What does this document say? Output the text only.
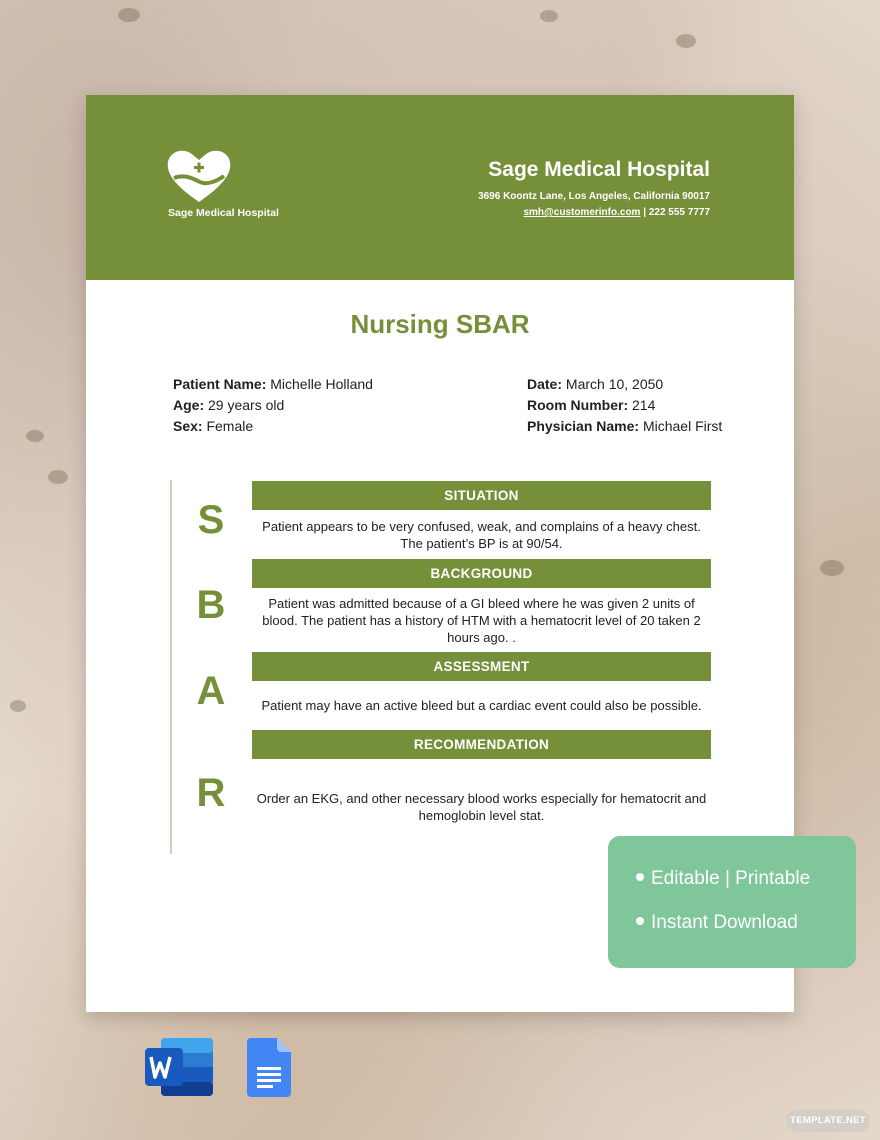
Sage Medical Hospital
Sage Medical Hospital
3696 Koontz Lane, Los Angeles, California 90017
smh@customerinfo.com | 222 555 7777
Nursing SBAR
Patient Name: Michelle Holland
Age: 29 years old
Sex: Female
Date: March 10, 2050
Room Number: 214
Physician Name: Michael First
S
SITUATION
Patient appears to be very confused, weak, and complains of a heavy chest. The patient’s BP is at 90/54.
B
BACKGROUND
Patient was admitted because of a GI bleed where he was given 2 units of blood. The patient has a history of HTM with a hematocrit level of 20 taken 2 hours ago. .
A
ASSESSMENT
Patient may have an active bleed but a cardiac event could also be possible.
R
RECOMMENDATION
Order an EKG, and other necessary blood works especially for hematocrit and hemoglobin level stat.
Editable | Printable
Instant Download
TEMPLATE.NET
